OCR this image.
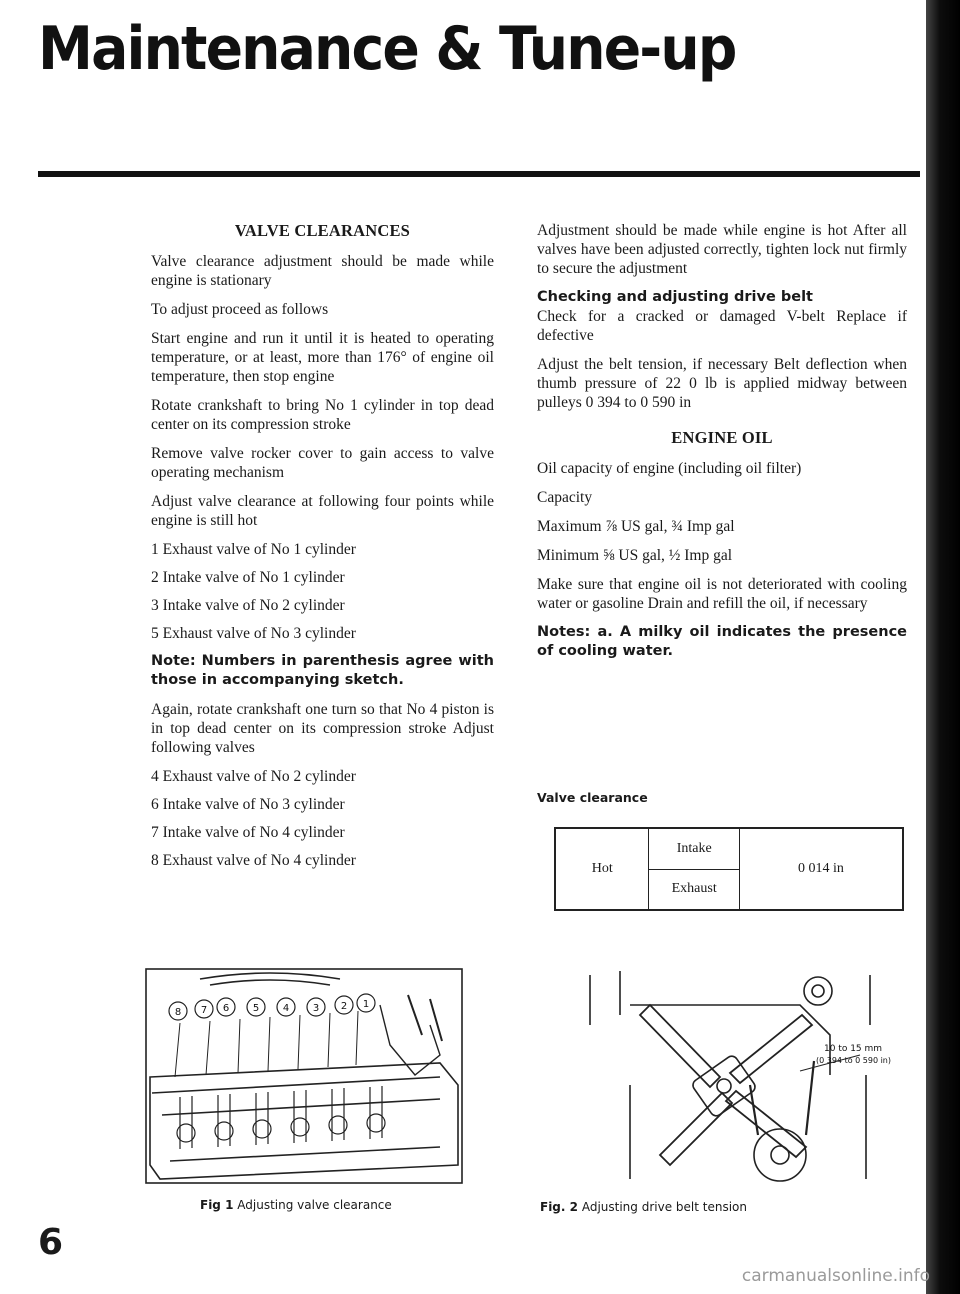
Maintenance & Tune-up
VALVE CLEARANCES

Valve clearance adjustment should be made while engine is stationary

To adjust proceed as follows

Start engine and run it until it is heated to operating temperature, or at least, more than 176° of engine oil temperature, then stop engine

Rotate crankshaft to bring No 1 cylinder in top dead center on its compression stroke

Remove valve rocker cover to gain access to valve operating mechanism

Adjust valve clearance at following four points while engine is still hot

1 Exhaust valve of No 1 cylinder

2 Intake valve of No 1 cylinder

3 Intake valve of No 2 cylinder

5 Exhaust valve of No 3 cylinder

Note: Numbers in parenthesis agree with those in accompanying sketch.

Again, rotate crankshaft one turn so that No 4 piston is in top dead center on its compression stroke Adjust following valves

4 Exhaust valve of No 2 cylinder

6 Intake valve of No 3 cylinder

7 Intake valve of No 4 cylinder

8 Exhaust valve of No 4 cylinder

Adjustment should be made while engine is hot After all valves have been adjusted correctly, tighten lock nut firmly to secure the adjustment

Checking and adjusting drive belt

Check for a cracked or damaged V-belt Replace if defective

Adjust the belt tension, if necessary Belt deflection when thumb pressure of 22 0 lb is applied midway between pulleys 0 394 to 0 590 in

ENGINE OIL

Oil capacity of engine (including oil filter)

Capacity

Maximum ⅞ US gal, ¾ Imp gal

Minimum ⅝ US gal, ½ Imp gal

Make sure that engine oil is not deteriorated with cooling water or gasoline Drain and refill the oil, if necessary

Notes: a. A milky oil indicates the presence of cooling water.

Valve clearance
Hot	Intake	0 014 in
Exhaust
8 7 6 5 4 3 2 1
Fig 1 Adjusting valve clearance
10 to 15 mm
(0 394 to 0 590 in)
Fig. 2 Adjusting drive belt tension
6
carmanualsonline.info
